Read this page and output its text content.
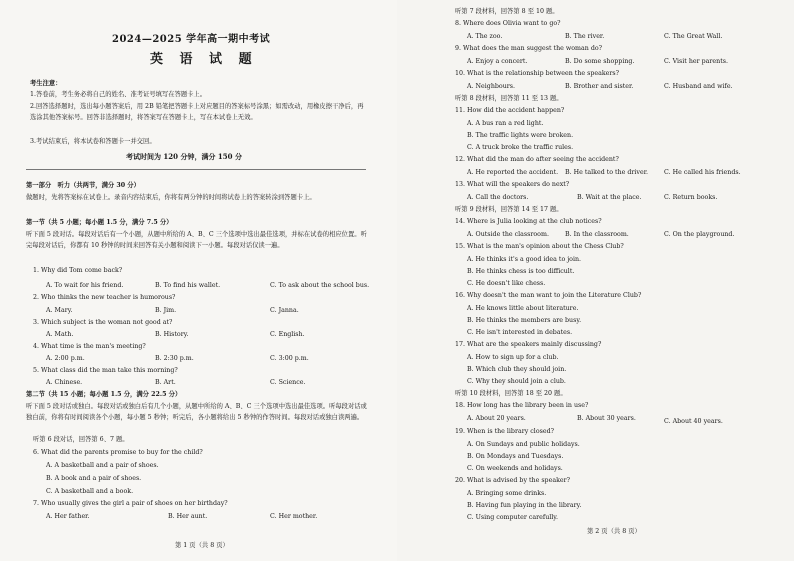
2024—2025 学年高一期中考试
英 语 试 题
考生注意：
1.答卷前，考生务必将自己的姓名、准考证号填写在答题卡上。
2.回答选择题时，选出每小题答案后，用 2B 铅笔把答题卡上对应题目的答案标号涂黑；如需改动，用橡皮擦干净后，再选涂其他答案标号。回答非选择题时，将答案写在答题卡上，写在本试卷上无效。
3.考试结束后，将本试卷和答题卡一并交回。
考试时间为 120 分钟，满分 150 分
第一部分　听力（共两节，满分 30 分）
做题时，先将答案标在试卷上。录音内容结束后，你将有两分钟的时间将试卷上的答案转涂到答题卡上。
第一节（共 5 小题；每小题 1.5 分，满分 7.5 分）
听下面 5 段对话。每段对话后有一个小题，从题中所给的 A、B、C 三个选项中选出最佳选项，并标在试卷的相应位置。听完每段对话后，你都有 10 秒钟的时间来回答有关小题和阅读下一小题。每段对话仅读一遍。
1. Why did Tom come back?
A. To wait for his friend.	B. To find his wallet.	C. To ask about the school bus.
2. Who thinks the new teacher is humorous?
A. Mary.	B. Jim.	C. Janna.
3. Which subject is the woman not good at?
A. Math.	B. History.	C. English.
4. What time is the man's meeting?
A. 2:00 p.m.	B. 2:30 p.m.	C. 3:00 p.m.
5. What class did the man take this morning?
A. Chinese.	B. Art.	C. Science.
第二节（共 15 小题；每小题 1.5 分，满分 22.5 分）
听下面 5 段对话或独白。每段对话或独白后有几个小题，从题中所给的 A、B、C 三个选项中选出最佳选项。听每段对话或独白前，你将有时间阅读各个小题，每小题 5 秒钟；听完后，各小题将给出 5 秒钟的作答时间。每段对话或独白读两遍。
听第 6 段对话，回答第 6、7 题。
6. What did the parents promise to buy for the child?
A. A basketball and a pair of shoes.
B. A book and a pair of shoes.
C. A basketball and a book.
7. Who usually gives the girl a pair of shoes on her birthday?
A. Her father.	B. Her aunt.	C. Her mother.
第 1 页（共 8 页）
听第 7 段材料，回答第 8 至 10 题。
8. Where does Olivia want to go?
A. The zoo.	B. The river.	C. The Great Wall.
9. What does the man suggest the woman do?
A. Enjoy a concert.	B. Do some shopping.	C. Visit her parents.
10. What is the relationship between the speakers?
A. Neighbours.	B. Brother and sister.	C. Husband and wife.
听第 8 段材料，回答第 11 至 13 题。
11. How did the accident happen?
A. A bus ran a red light.
B. The traffic lights were broken.
C. A truck broke the traffic rules.
12. What did the man do after seeing the accident?
A. He reported the accident. B. He talked to the driver.	C. He called his friends.
13. What will the speakers do next?
A. Call the doctors.	B. Wait at the place.	C. Return books.
听第 9 段材料，回答第 14 至 17 题。
14. Where is Julia looking at the club notices?
A. Outside the classroom.	B. In the classroom.	C. On the playground.
15. What is the man's opinion about the Chess Club?
A. He thinks it's a good idea to join.
B. He thinks chess is too difficult.
C. He doesn't like chess.
16. Why doesn't the man want to join the Literature Club?
A. He knows little about literature.
B. He thinks the members are busy.
C. He isn't interested in debates.
17. What are the speakers mainly discussing?
A. How to sign up for a club.
B. Which club they should join.
C. Why they should join a club.
听第 10 段材料，回答第 18 至 20 题。
18. How long has the library been in use?
A. About 20 years.	B. About 30 years.	C. About 40 years.
19. When is the library closed?
A. On Sundays and public holidays.
B. On Mondays and Tuesdays.
C. On weekends and holidays.
20. What is advised by the speaker?
A. Bringing some drinks.
B. Having fun playing in the library.
C. Using computer carefully.
第 2 页（共 8 页）
